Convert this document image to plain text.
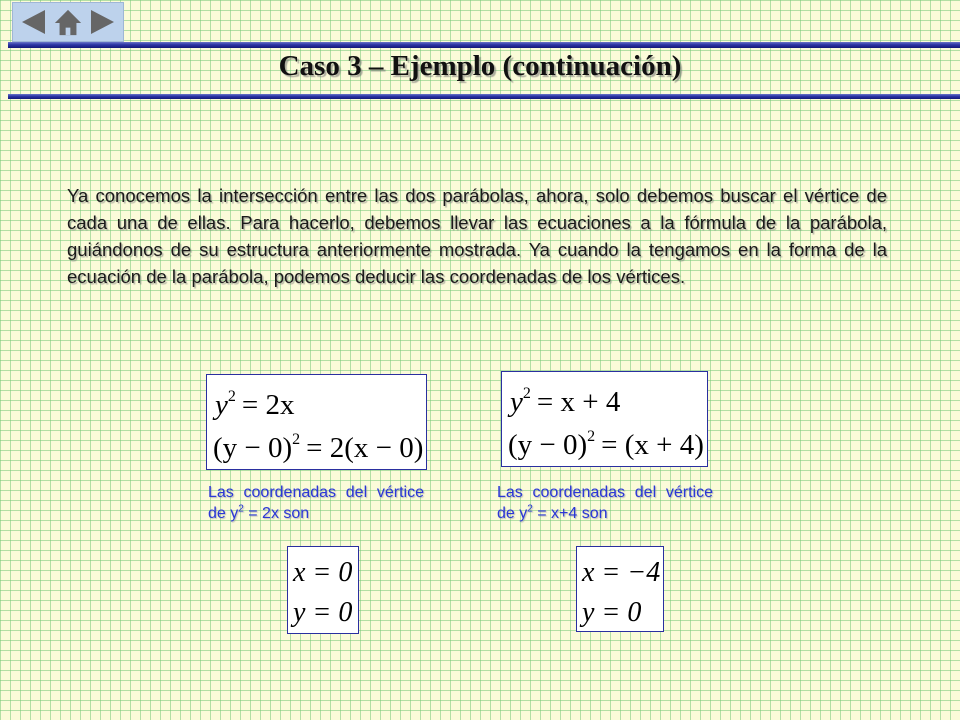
Caso 3 – Ejemplo (continuación)
Ya conocemos la intersección entre las dos parábolas, ahora, solo debemos buscar el vértice de cada una de ellas. Para hacerlo, debemos llevar las ecuaciones a la fórmula de la parábola, guiándonos de su estructura anteriormente mostrada. Ya cuando la tengamos en la forma de la ecuación de la parábola, podemos deducir las coordenadas de los vértices.
$y^2 = 2x$
$(y - 0)^2 = 2(x - 0)$
$y^2 = x + 4$
$(y - 0)^2 = (x + 4)$
Las coordenadas del vértice de $y^2 = 2x$ son
Las coordenadas del vértice de $y^2 = x+4$ son
x = 0
y = 0
x = −4
y = 0
